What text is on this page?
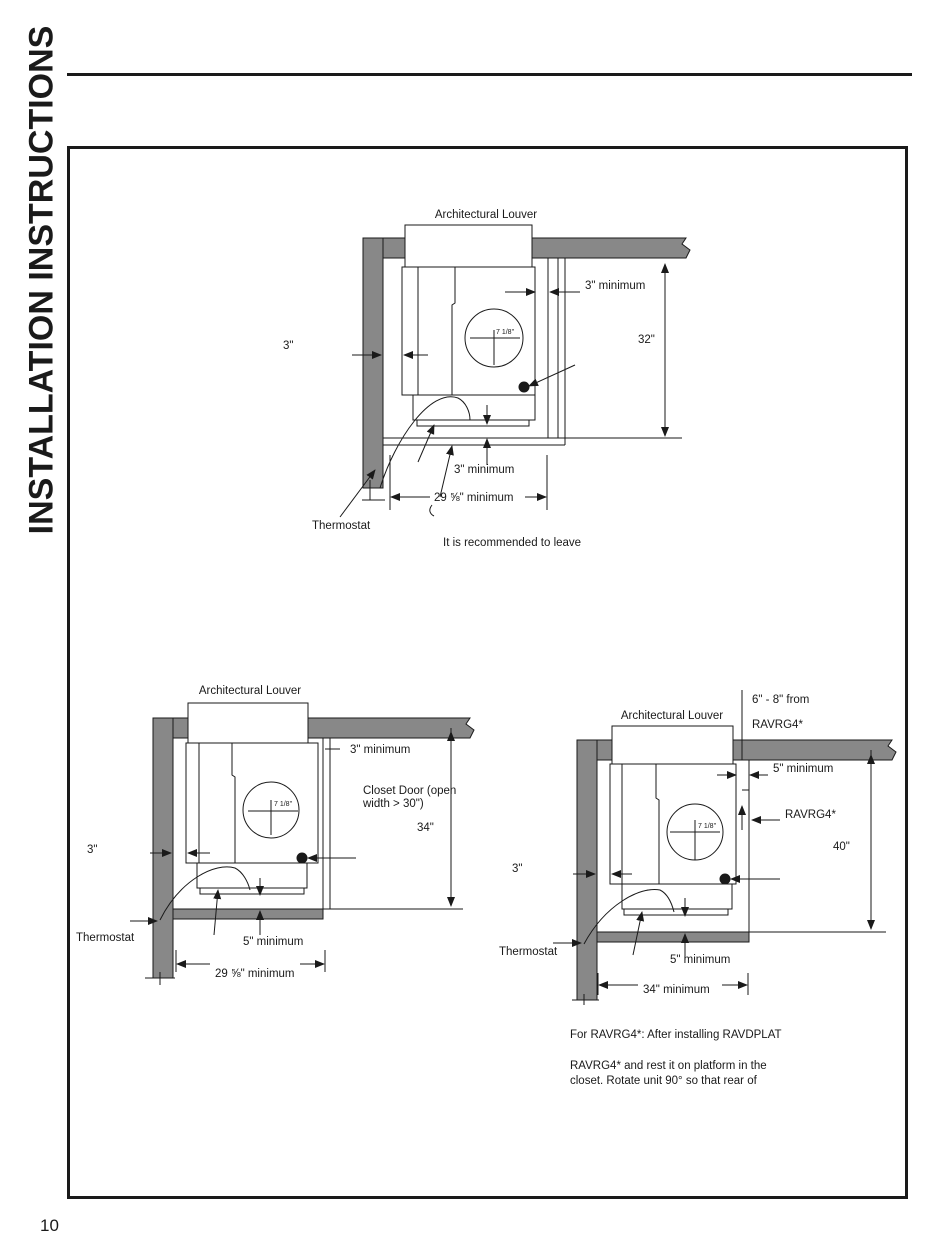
INSTALLATION INSTRUCTIONS
10
Architectural Louver
3" minimum
32"
3"
7 1/8"
3" minimum
29 ⅝" minimum
Thermostat
It is recommended to leave
Architectural Louver
3" minimum
Closet Door (open width > 30")
34"
3"
7 1/8"
Thermostat	5" minimum
29 ⅝" minimum
6" - 8" from
RAVRG4*
Architectural Louver
5" minimum
RAVRG4*
40"
3"
7 1/8"
Thermostat
5" minimum
34" minimum
For RAVRG4*: After installing RAVDPLAT
RAVRG4* and rest it on platform in the
closet. Rotate unit 90° so that rear of
